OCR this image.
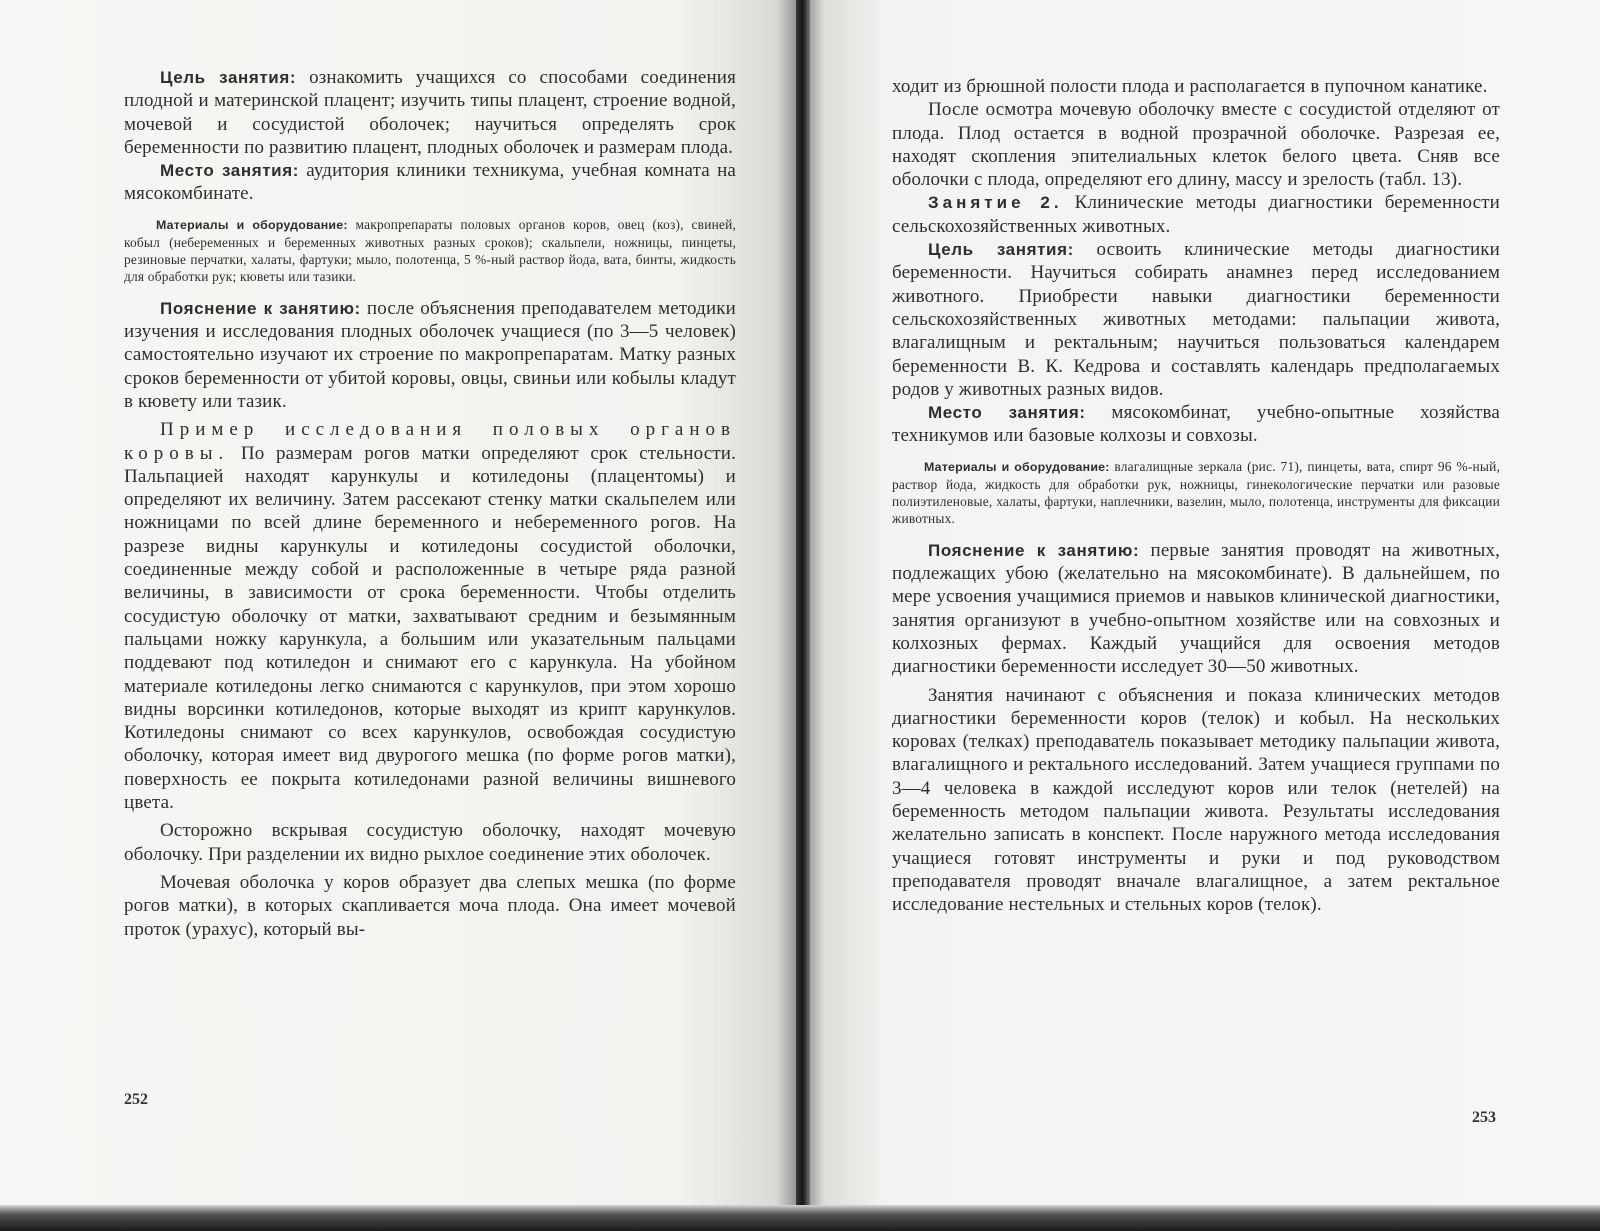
Цель занятия: ознакомить учащихся со способами соединения плодной и материнской плацент; изучить типы плацент, строение водной, мочевой и сосудистой оболочек; научиться определять срок беременности по развитию плацент, плодных оболочек и размерам плода.

Место занятия: аудитория клиники техникума, учебная комната на мясокомбинате.

Материалы и оборудование: макропрепараты половых органов коров, овец (коз), свиней, кобыл (небеременных и беременных животных разных сроков); скальпели, ножницы, пинцеты, резиновые перчатки, халаты, фартуки; мыло, полотенца, 5 %-ный раствор йода, вата, бинты, жидкость для обработки рук; кюветы или тазики.

Пояснение к занятию: после объяснения преподавателем методики изучения и исследования плодных оболочек учащиеся (по 3—5 человек) самостоятельно изучают их строение по макропрепаратам. Матку разных сроков беременности от убитой коровы, овцы, свиньи или кобылы кладут в кювету или тазик.

Пример исследования половых органов коровы. По размерам рогов матки определяют срок стельности. Пальпацией находят карункулы и котиледоны (плацентомы) и определяют их величину. Затем рассекают стенку матки скальпелем или ножницами по всей длине беременного и небеременного рогов. На разрезе видны карункулы и котиледоны сосудистой оболочки, соединенные между собой и расположенные в четыре ряда разной величины, в зависимости от срока беременности. Чтобы отделить сосудистую оболочку от матки, захватывают средним и безымянным пальцами ножку карункула, а большим или указательным пальцами поддевают под котиледон и снимают его с карункула. На убойном материале котиледоны легко снимаются с карункулов, при этом хорошо видны ворсинки котиледонов, которые выходят из крипт карункулов. Котиледоны снимают со всех карункулов, освобождая сосудистую оболочку, которая имеет вид двурогого мешка (по форме рогов матки), поверхность ее покрыта котиледонами разной величины вишневого цвета.

Осторожно вскрывая сосудистую оболочку, находят мочевую оболочку. При разделении их видно рыхлое соединение этих оболочек.

Мочевая оболочка у коров образует два слепых мешка (по форме рогов матки), в которых скапливается моча плода. Она имеет мочевой проток (урахус), который вы-

252

ходит из брюшной полости плода и располагается в пупочном канатике.

После осмотра мочевую оболочку вместе с сосудистой отделяют от плода. Плод остается в водной прозрачной оболочке. Разрезая ее, находят скопления эпителиальных клеток белого цвета. Сняв все оболочки с плода, определяют его длину, массу и зрелость (табл. 13).

Занятие 2. Клинические методы диагностики беременности сельскохозяйственных животных.

Цель занятия: освоить клинические методы диагностики беременности. Научиться собирать анамнез перед исследованием животного. Приобрести навыки диагностики беременности сельскохозяйственных животных методами: пальпации живота, влагалищным и ректальным; научиться пользоваться календарем беременности В. К. Кедрова и составлять календарь предполагаемых родов у животных разных видов.

Место занятия: мясокомбинат, учебно-опытные хозяйства техникумов или базовые колхозы и совхозы.

Материалы и оборудование: влагалищные зеркала (рис. 71), пинцеты, вата, спирт 96 %-ный, раствор йода, жидкость для обработки рук, ножницы, гинекологические перчатки или разовые полиэтиленовые, халаты, фартуки, наплечники, вазелин, мыло, полотенца, инструменты для фиксации животных.

Пояснение к занятию: первые занятия проводят на животных, подлежащих убою (желательно на мясокомбинате). В дальнейшем, по мере усвоения учащимися приемов и навыков клинической диагностики, занятия организуют в учебно-опытном хозяйстве или на совхозных и колхозных фермах. Каждый учащийся для освоения методов диагностики беременности исследует 30—50 животных.

Занятия начинают с объяснения и показа клинических методов диагностики беременности коров (телок) и кобыл. На нескольких коровах (телках) преподаватель показывает методику пальпации живота, влагалищного и ректального исследований. Затем учащиеся группами по 3—4 человека в каждой исследуют коров или телок (нетелей) на беременность методом пальпации живота. Результаты исследования желательно записать в конспект. После наружного метода исследования учащиеся готовят инструменты и руки и под руководством преподавателя проводят вначале влагалищное, а затем ректальное исследование нестельных и стельных коров (телок).

253
